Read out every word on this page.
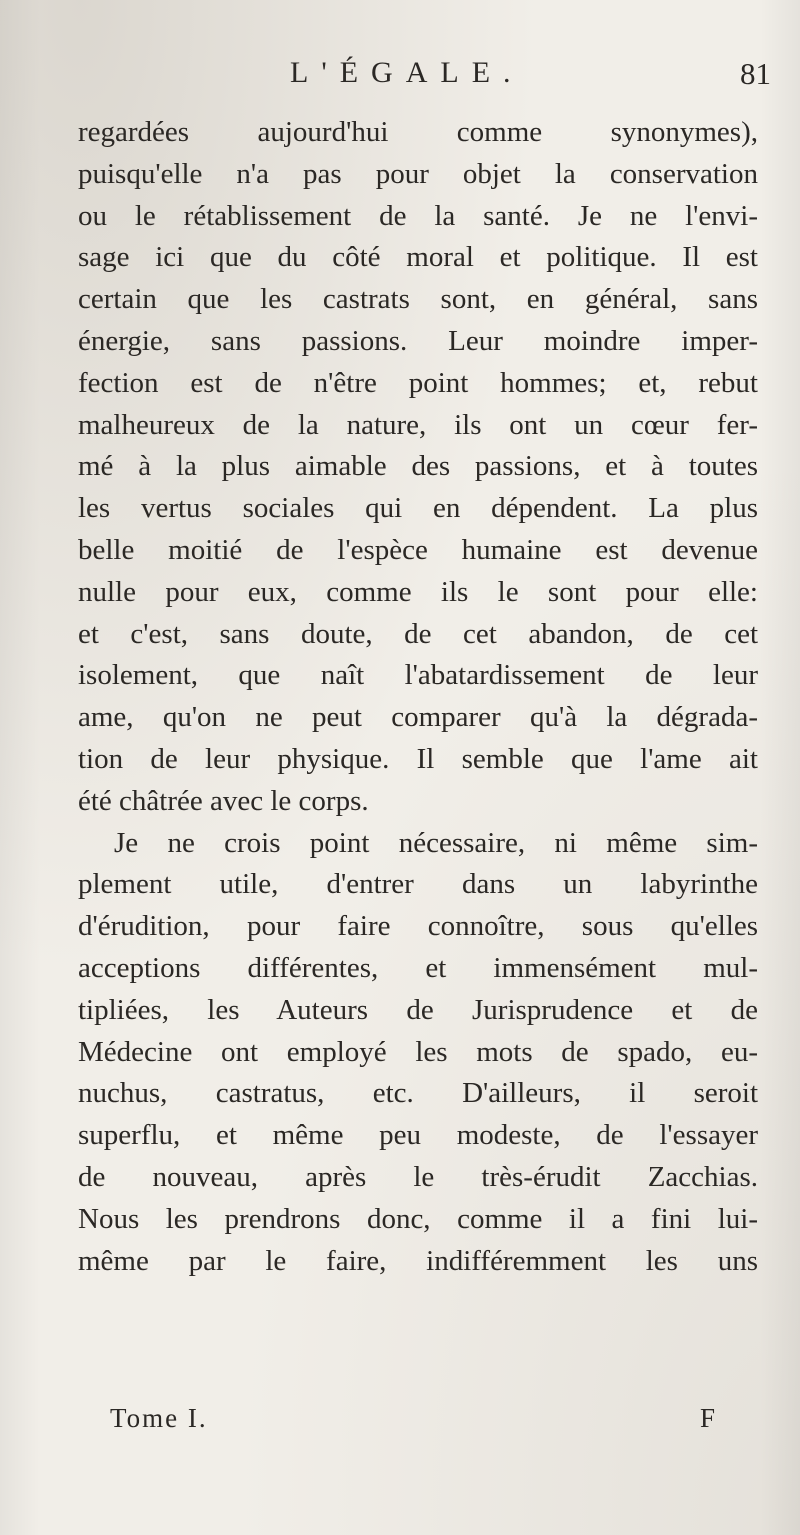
L'ÉGALE.	81
regardées aujourd'hui comme synonymes),
puisqu'elle n'a pas pour objet la conservation
ou le rétablissement de la santé. Je ne l'envi-
sage ici que du côté moral et politique. Il est
certain que les castrats sont, en général, sans
énergie, sans passions. Leur moindre imper-
fection est de n'être point hommes; et, rebut
malheureux de la nature, ils ont un cœur fer-
mé à la plus aimable des passions, et à toutes
les vertus sociales qui en dépendent. La plus
belle moitié de l'espèce humaine est devenue
nulle pour eux, comme ils le sont pour elle:
et c'est, sans doute, de cet abandon, de cet
isolement, que naît l'abatardissement de leur
ame, qu'on ne peut comparer qu'à la dégrada-
tion de leur physique. Il semble que l'ame ait
été châtrée avec le corps.
Je ne crois point nécessaire, ni même sim-
plement utile, d'entrer dans un labyrinthe
d'érudition, pour faire connoître, sous qu'elles
acceptions différentes, et immensément mul-
tipliées, les Auteurs de Jurisprudence et de
Médecine ont employé les mots de spado, eu-
nuchus, castratus, etc. D'ailleurs, il seroit
superflu, et même peu modeste, de l'essayer
de nouveau, après le très-érudit Zacchias.
Nous les prendrons donc, comme il a fini lui-
même par le faire, indifféremment les uns
Tome I.	F
